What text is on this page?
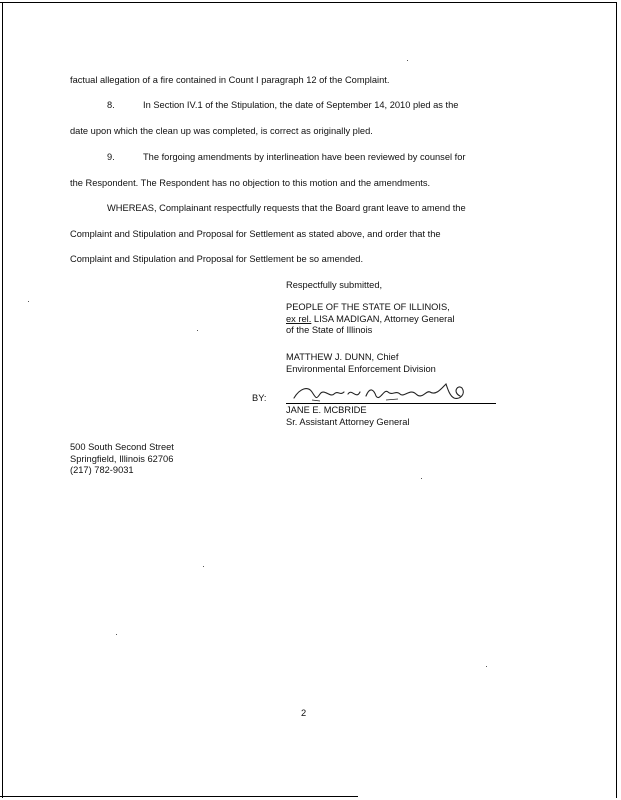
factual allegation of a fire contained in Count I paragraph 12 of the Complaint.
8.	In Section IV.1 of the Stipulation, the date of September 14, 2010 pled as the
date upon which the clean up was completed, is correct as originally pled.
9.	The forgoing amendments by interlineation have been reviewed by counsel for
the Respondent. The Respondent has no objection to this motion and the amendments.
WHEREAS, Complainant respectfully requests that the Board grant leave to amend the
Complaint and Stipulation and Proposal for Settlement as stated above, and order that the
Complaint and Stipulation and Proposal for Settlement be so amended.
Respectfully submitted,
PEOPLE OF THE STATE OF ILLINOIS,
ex rel. LISA MADIGAN, Attorney General
of the State of Illinois
MATTHEW J. DUNN, Chief
Environmental Enforcement Division
BY:
JANE E. MCBRIDE
Sr. Assistant Attorney General
500 South Second Street
Springfield, Illinois 62706
(217) 782-9031
2
